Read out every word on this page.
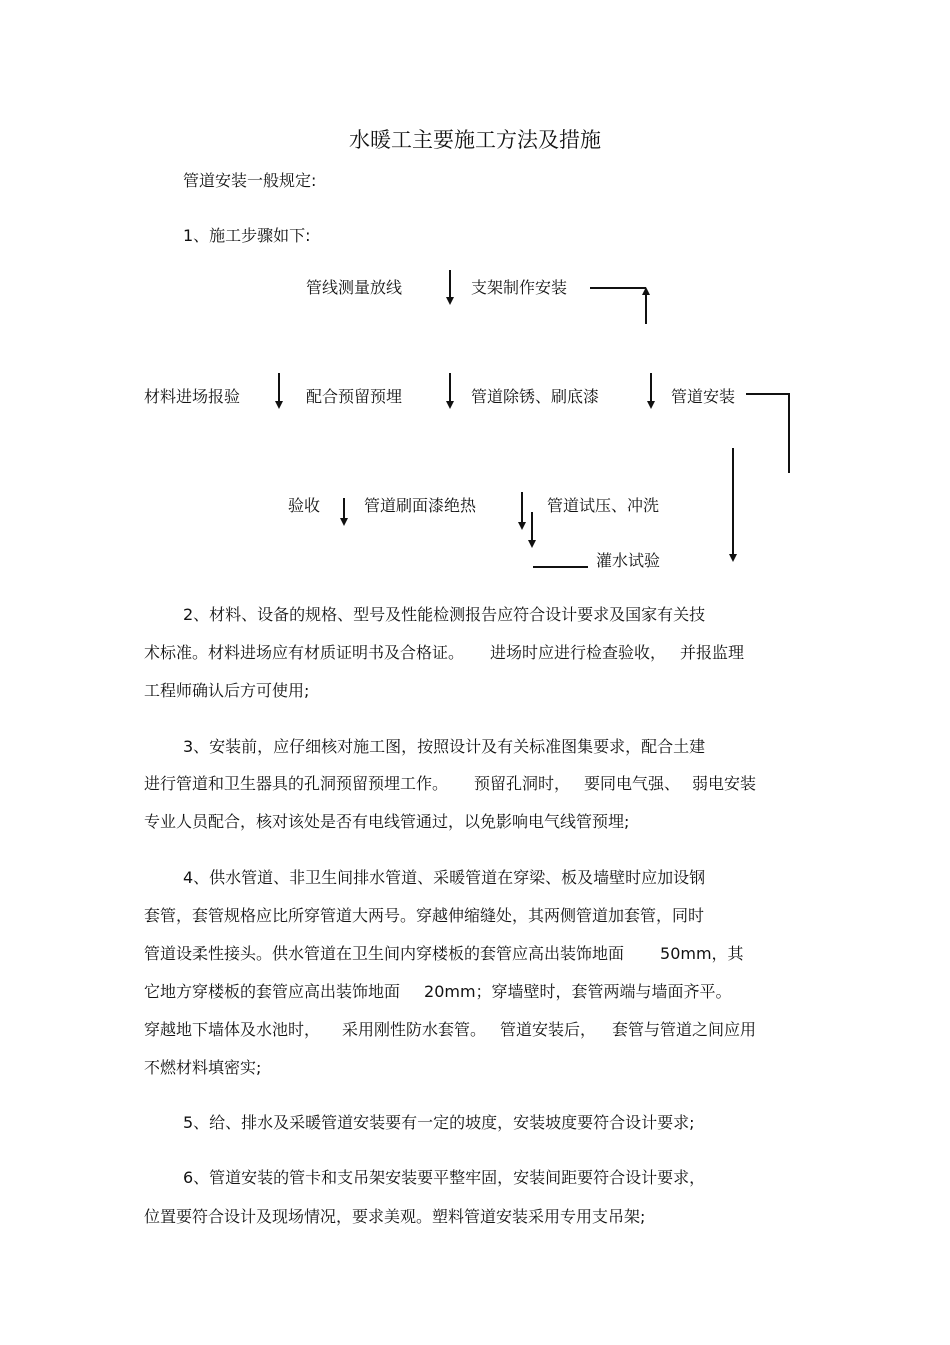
水暖工主要施工方法及措施
管道安装一般规定:
1、施工步骤如下:
管线测量放线	支架制作安装
材料进场报验	配合预留预埋	管道除锈、刷底漆	管道安装
验收	管道刷面漆绝热	管道试压、冲洗
灌水试验
2、材料、设备的规格、型号及性能检测报告应符合设计要求及国家有关技
术标准。材料进场应有材质证明书及合格证。 进场时应进行检查验收， 并报监理
工程师确认后方可使用;
3、安装前，应仔细核对施工图，按照设计及有关标准图集要求，配合土建
进行管道和卫生器具的孔洞预留预埋工作。 预留孔洞时， 要同电气强、 弱电安装
专业人员配合，核对该处是否有电线管通过，以免影响电气线管预埋;
4、供水管道、非卫生间排水管道、采暖管道在穿梁、板及墙壁时应加设钢
套管，套管规格应比所穿管道大两号。穿越伸缩缝处，其两侧管道加套管，同时
管道设柔性接头。供水管道在卫生间内穿楼板的套管应高出装饰地面 50mm，其
它地方穿楼板的套管应高出装饰地面 20mm；穿墙壁时，套管两端与墙面齐平。
穿越地下墙体及水池时， 采用刚性防水套管。 管道安装后， 套管与管道之间应用
不燃材料填密实;
5、给、排水及采暖管道安装要有一定的坡度，安装坡度要符合设计要求;
6、管道安装的管卡和支吊架安装要平整牢固，安装间距要符合设计要求，
位置要符合设计及现场情况，要求美观。塑料管道安装采用专用支吊架;
